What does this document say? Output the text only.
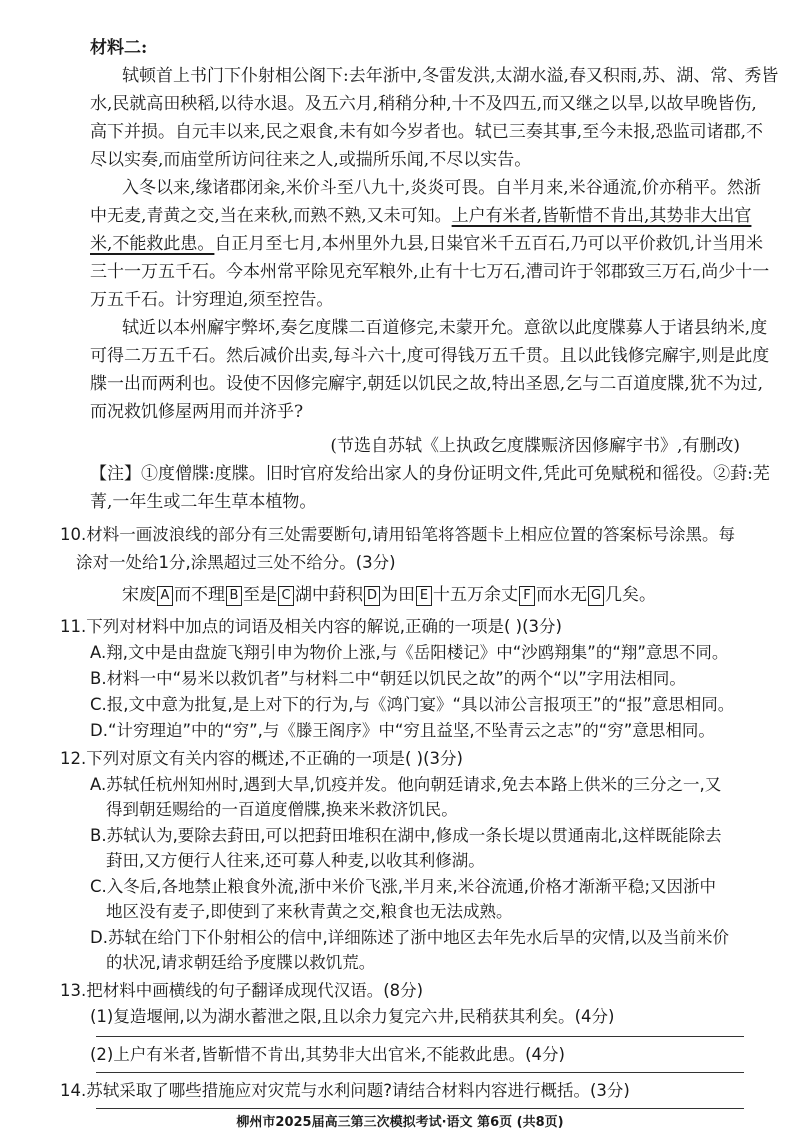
材料二:
轼顿首上书门下仆射相公阁下:去年浙中,冬雷发洪,太湖水溢,春又积雨,苏、湖、常、秀皆
水,民就高田秧稻,以待水退。及五六月,稍稍分种,十不及四五,而又继之以旱,以故早晚皆伤,
高下并损。自元丰以来,民之艰食,未有如今岁者也。轼已三奏其事,至今未报,恐监司诸郡,不
尽以实奏,而庙堂所访问往来之人,或揣所乐闻,不尽以实告。
入冬以来,缘诸郡闭籴,米价斗至八九十,炎炎可畏。自半月来,米谷通流,价亦稍平。然浙
中无麦,青黄之交,当在来秋,而熟不熟,又未可知。上户有米者,皆靳惜不肯出,其势非大出官
米,不能救此患。自正月至七月,本州里外九县,日粜官米千五百石,乃可以平价救饥,计当用米
三十一万五千石。今本州常平除见充军粮外,止有十七万石,漕司许于邻郡致三万石,尚少十一
万五千石。计穷理迫,须至控告。
轼近以本州廨宇弊坏,奏乞度牒二百道修完,未蒙开允。意欲以此度牒募人于诸县纳米,度
可得二万五千石。然后减价出卖,每斗六十,度可得钱万五千贯。且以此钱修完廨宇,则是此度
牒一出而两利也。设使不因修完廨宇,朝廷以饥民之故,特出圣恩,乞与二百道度牒,犹不为过,
而况救饥修屋两用而并济乎?
(节选自苏轼《上执政乞度牒赈济因修廨宇书》,有删改)
【注】①度僧牒:度牒。旧时官府发给出家人的身份证明文件,凭此可免赋税和徭役。②葑:芜
菁,一年生或二年生草本植物。
10.材料一画波浪线的部分有三处需要断句,请用铅笔将答题卡上相应位置的答案标号涂黑。每
涂对一处给1分,涂黑超过三处不给分。(3分)
宋废 A 而不理 B 至是 C 湖中葑积 D 为田 E 十五万余丈 F 而水无 G 几矣。
11.下列对材料中加点的词语及相关内容的解说,正确的一项是( )(3分)
A.翔,文中是由盘旋飞翔引申为物价上涨,与《岳阳楼记》中“沙鸥翔集”的“翔”意思不同。
B.材料一中“易米以救饥者”与材料二中“朝廷以饥民之故”的两个“以”字用法相同。
C.报,文中意为批复,是上对下的行为,与《鸿门宴》“具以沛公言报项王”的“报”意思相同。
D.“计穷理迫”中的“穷”,与《滕王阁序》中“穷且益坚,不坠青云之志”的“穷”意思相同。
12.下列对原文有关内容的概述,不正确的一项是( )(3分)
A.苏轼任杭州知州时,遇到大旱,饥疫并发。他向朝廷请求,免去本路上供米的三分之一,又
得到朝廷赐给的一百道度僧牒,换来米救济饥民。
B.苏轼认为,要除去葑田,可以把葑田堆积在湖中,修成一条长堤以贯通南北,这样既能除去
葑田,又方便行人往来,还可募人种麦,以收其利修湖。
C.入冬后,各地禁止粮食外流,浙中米价飞涨,半月来,米谷流通,价格才渐渐平稳;又因浙中
地区没有麦子,即使到了来秋青黄之交,粮食也无法成熟。
D.苏轼在给门下仆射相公的信中,详细陈述了浙中地区去年先水后旱的灾情,以及当前米价
的状况,请求朝廷给予度牒以救饥荒。
13.把材料中画横线的句子翻译成现代汉语。(8分)
(1)复造堰闸,以为湖水蓄泄之限,且以余力复完六井,民稍获其利矣。(4分)
(2)上户有米者,皆靳惜不肯出,其势非大出官米,不能救此患。(4分)
14.苏轼采取了哪些措施应对灾荒与水利问题?请结合材料内容进行概括。(3分)
柳州市2025届高三第三次模拟考试·语文 第6页 (共8页)
